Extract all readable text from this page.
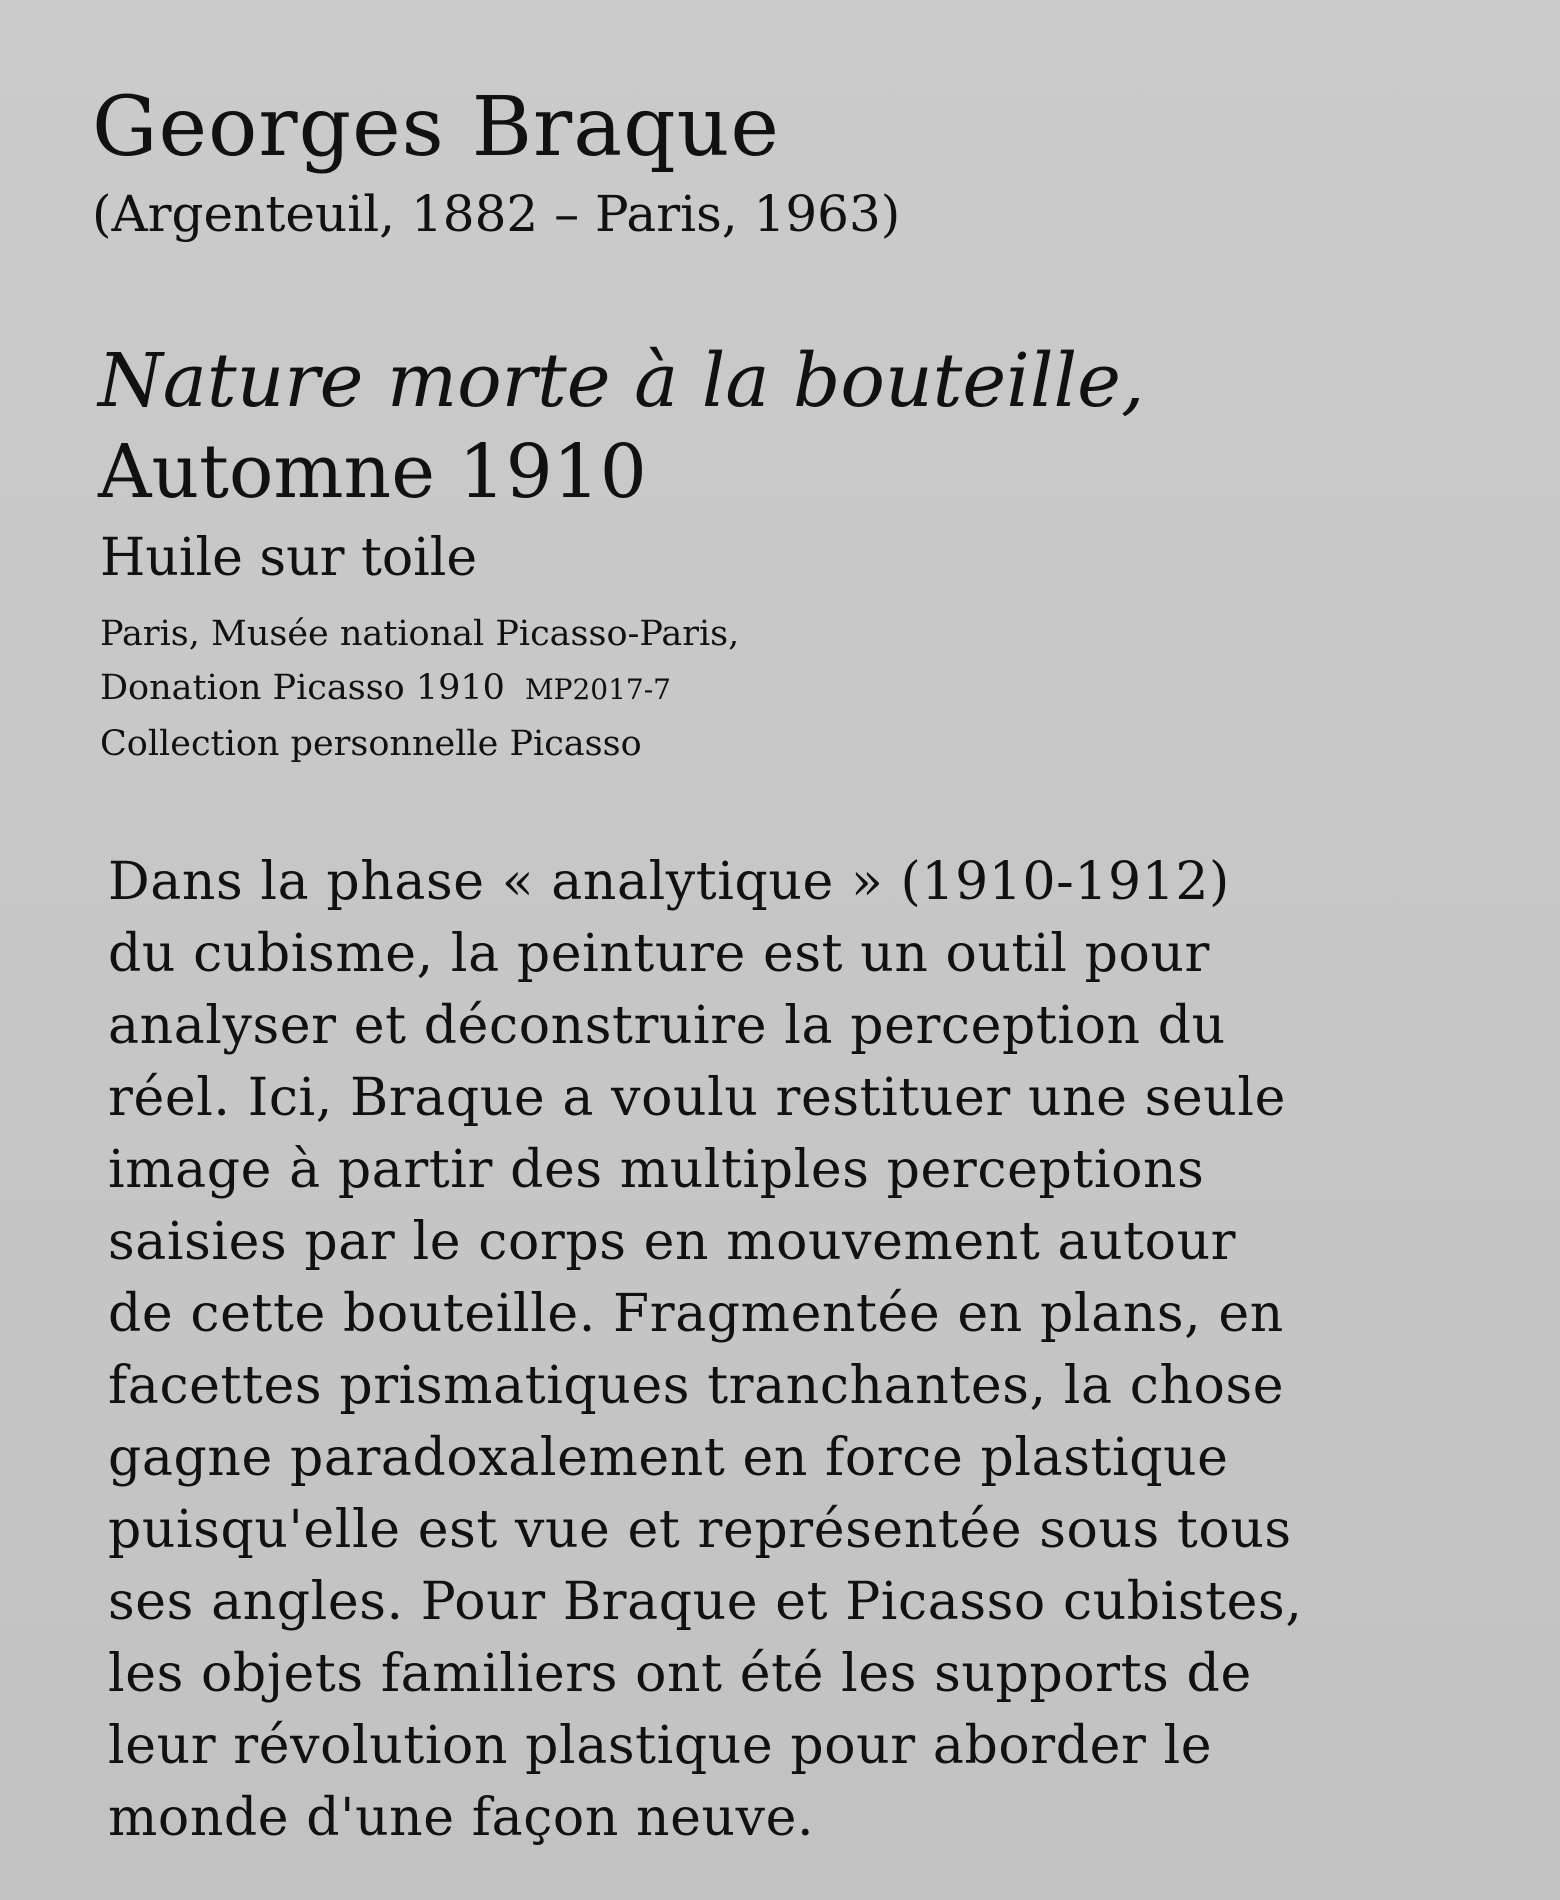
Georges Braque
(Argenteuil, 1882 – Paris, 1963)
Nature morte à la bouteille,
Automne 1910
Huile sur toile
Paris, Musée national Picasso-Paris,
Donation Picasso 1910 MP2017-7
Collection personnelle Picasso
Dans la phase « analytique » (1910-1912)
du cubisme, la peinture est un outil pour
analyser et déconstruire la perception du
réel. Ici, Braque a voulu restituer une seule
image à partir des multiples perceptions
saisies par le corps en mouvement autour
de cette bouteille. Fragmentée en plans, en
facettes prismatiques tranchantes, la chose
gagne paradoxalement en force plastique
puisqu'elle est vue et représentée sous tous
ses angles. Pour Braque et Picasso cubistes,
les objets familiers ont été les supports de
leur révolution plastique pour aborder le
monde d'une façon neuve.
